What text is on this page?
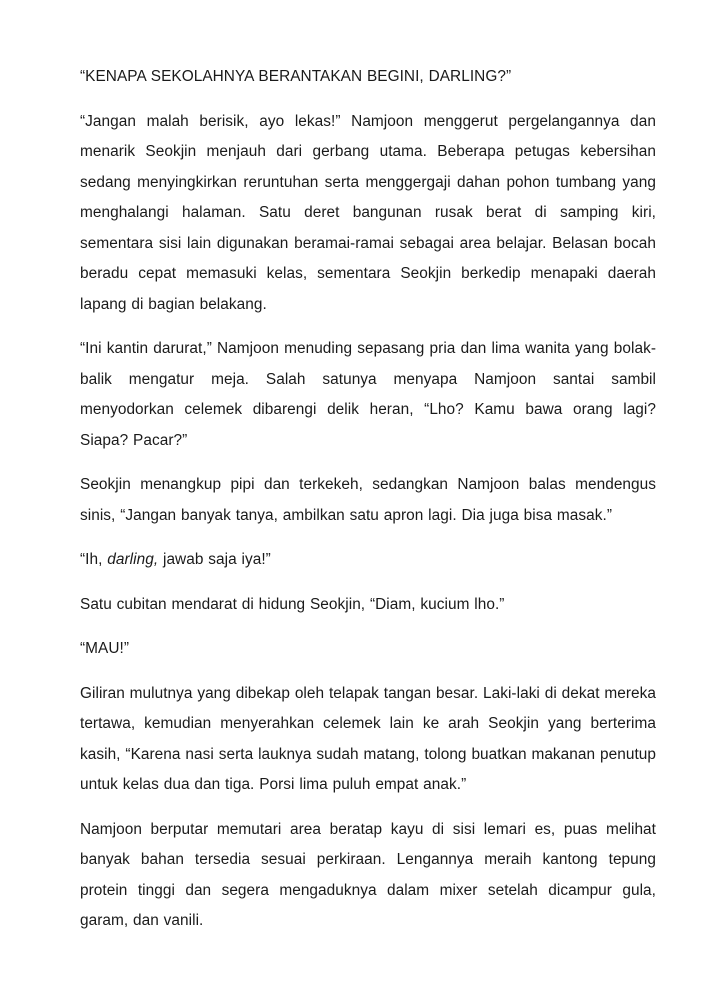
“KENAPA SEKOLAHNYA BERANTAKAN BEGINI, DARLING?”

“Jangan malah berisik, ayo lekas!” Namjoon menggerut pergelangannya dan menarik Seokjin menjauh dari gerbang utama. Beberapa petugas kebersihan sedang menyingkirkan reruntuhan serta menggergaji dahan pohon tumbang yang menghalangi halaman. Satu deret bangunan rusak berat di samping kiri, sementara sisi lain digunakan beramai-ramai sebagai area belajar. Belasan bocah beradu cepat memasuki kelas, sementara Seokjin berkedip menapaki daerah lapang di bagian belakang.

“Ini kantin darurat,” Namjoon menuding sepasang pria dan lima wanita yang bolak-balik mengatur meja. Salah satunya menyapa Namjoon santai sambil menyodorkan celemek dibarengi delik heran, “Lho? Kamu bawa orang lagi? Siapa? Pacar?”

Seokjin menangkup pipi dan terkekeh, sedangkan Namjoon balas mendengus sinis, “Jangan banyak tanya, ambilkan satu apron lagi. Dia juga bisa masak.”

“Ih, darling, jawab saja iya!”

Satu cubitan mendarat di hidung Seokjin, “Diam, kucium lho.”

“MAU!”

Giliran mulutnya yang dibekap oleh telapak tangan besar. Laki-laki di dekat mereka tertawa, kemudian menyerahkan celemek lain ke arah Seokjin yang berterima kasih, “Karena nasi serta lauknya sudah matang, tolong buatkan makanan penutup untuk kelas dua dan tiga. Porsi lima puluh empat anak.”

Namjoon berputar memutari area beratap kayu di sisi lemari es, puas melihat banyak bahan tersedia sesuai perkiraan. Lengannya meraih kantong tepung protein tinggi dan segera mengaduknya dalam mixer setelah dicampur gula, garam, dan vanili.
